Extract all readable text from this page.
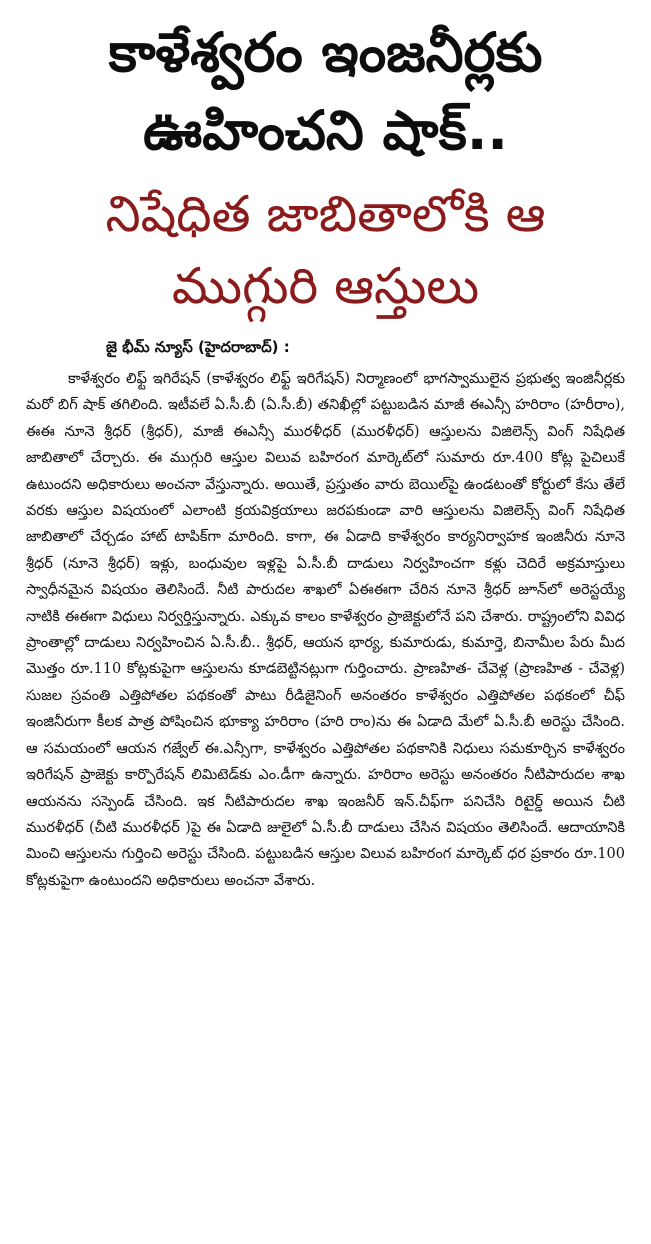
కాళేశ్వరం ఇంజనీర్లకు
ఊహించని షాక్..
నిషేధిత జాబితాలోకి ఆ
ముగ్గురి ఆస్తులు
జై భీమ్ న్యూస్ (హైదరాబాద్) :

కాళేశ్వరం లిఫ్ట్ ఇగిరేషన్ (కాళేశ్వరం లిఫ్ట్ ఇరిగేషన్) నిర్మాణంలో భాగస్వాములైన ప్రభుత్వ ఇంజినీర్లకు మరో బిగ్ షాక్ తగిలింది. ఇటీవలే ఏ.సీ.బీ (ఏ.సీ.బీ) తనిఖీల్లో పట్టుబడిన మాజీ ఈఎన్సీ హరిరాం (హరీరాం), ఈఈ నూనె శ్రీధర్ (శ్రీధర్), మాజీ ఈఎన్సీ మురళీధర్ (మురళీధర్) ఆస్తులను విజిలెన్స్ వింగ్ నిషేధిత జాబితాలో చేర్చారు. ఈ ముగ్గురి ఆస్తుల విలువ బహిరంగ మార్కెట్‌లో సుమారు రూ.400 కోట్ల పైచిలుకే ఉటుందని అధికారులు అంచనా వేస్తున్నారు. అయితే, ప్రస్తుతం వారు బెయిల్‌పై ఉండటంతో కోర్టులో కేసు తేలే వరకు ఆస్తుల విషయంలో ఎలాంటి క్రయవిక్రయాలు జరపకుండా వారి ఆస్తులను విజిలెన్స్ వింగ్ నిషేధిత జాబితాలో చేర్చడం హాట్ టాపిక్‌గా మారింది. కాగా, ఈ ఏడాది కాళేశ్వరం కార్యనిర్వాహక ఇంజినీరు నూనె శ్రీధర్ (నూనె శ్రీధర్) ఇళ్లు, బంధువుల ఇళ్లపై ఏ.సీ.బీ దాడులు నిర్వహించగా కళ్లు చెదిరే అక్రమాస్తులు స్వాధీనమైన విషయం తెలిసిందే. నీటి పారుదల శాఖలో ఏఈఈగా చేరిన నూనె శ్రీధర్ జూన్‌లో అరెస్టయ్యే నాటికి ఈఈగా విధులు నిర్వర్తిస్తున్నారు. ఎక్కువ కాలం కాళేశ్వరం ప్రాజెక్టులోనే పని చేశారు. రాష్ట్రంలోని వివిధ ప్రాంతాల్లో దాడులు నిర్వహించిన ఏ.సీ.బీ.. శ్రీధర్, ఆయన భార్య, కుమారుడు, కుమార్తె, బినామీల పేరు మీద మొత్తం రూ.110 కోట్లకుపైగా ఆస్తులను కూడబెట్టినట్లుగా గుర్తించారు. ప్రాణహిత- చేవెళ్ల (ప్రాణహిత - చేవెళ్ల) సుజల స్రవంతి ఎత్తిపోతల పథకంతో పాటు రీడిజైనింగ్ అనంతరం కాళేశ్వరం ఎత్తిపోతల పథకంలో చీఫ్ ఇంజినీరుగా కీలక పాత్ర పోషించిన భూక్యా హరిరాం (హరి రాం)ను ఈ ఏడాది మేలో ఏ.సీ.బీ అరెస్టు చేసింది. ఆ సమయంలో ఆయన గజ్వేల్ ఈ.ఎన్సీగా, కాళేశ్వరం ఎత్తిపోతల పథకానికి నిధులు సమకూర్చిన కాళేశ్వరం ఇరిగేషన్ ప్రాజెక్టు కార్పొరేషన్ లిమిటెడ్‌కు ఎం.డీగా ఉన్నారు. హరిరాం అరెస్టు అనంతరం నీటిపారుదల శాఖ ఆయనను సస్పెండ్ చేసింది. ఇక నీటిపారుదల శాఖ ఇంజనీర్ ఇన్.చీఫ్‌గా పనిచేసి రిటైర్డ్ అయిన చీటి మురళీధర్ (చీటి మురళీధర్ )పై ఈ ఏడాది జులైలో ఏ.సీ.బీ దాడులు చేసిన విషయం తెలిసిందే. ఆదాయానికి మించి ఆస్తులను గుర్తించి అరెస్టు చేసింది. పట్టుబడిన ఆస్తుల విలువ బహిరంగ మార్కెట్ ధర ప్రకారం రూ.100 కోట్లకుపైగా ఉంటుందని అధికారులు అంచనా వేశారు.
